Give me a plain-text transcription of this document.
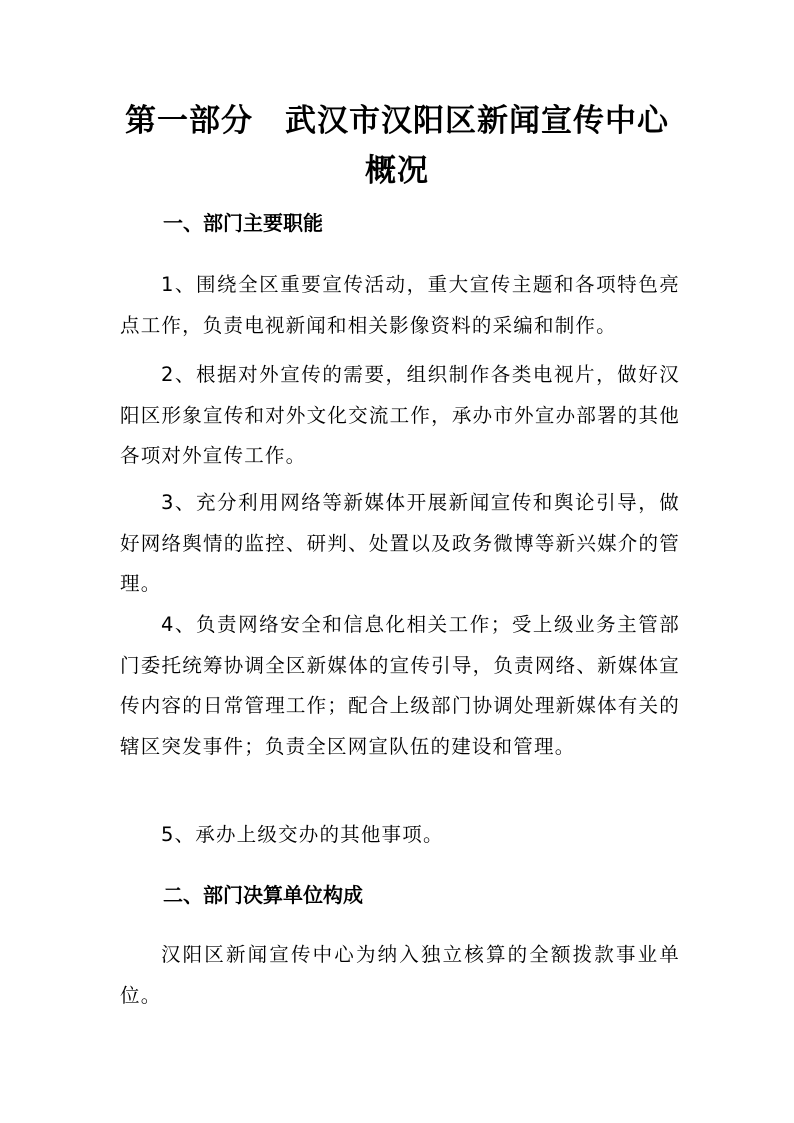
第一部分　武汉市汉阳区新闻宣传中心
概况
一、部门主要职能

1、围绕全区重要宣传活动，重大宣传主题和各项特色亮点工作，负责电视新闻和相关影像资料的采编和制作。

2、根据对外宣传的需要，组织制作各类电视片，做好汉阳区形象宣传和对外文化交流工作，承办市外宣办部署的其他各项对外宣传工作。

3、充分利用网络等新媒体开展新闻宣传和舆论引导，做好网络舆情的监控、研判、处置以及政务微博等新兴媒介的管理。

4、负责网络安全和信息化相关工作；受上级业务主管部门委托统筹协调全区新媒体的宣传引导，负责网络、新媒体宣传内容的日常管理工作；配合上级部门协调处理新媒体有关的辖区突发事件；负责全区网宣队伍的建设和管理。

5、承办上级交办的其他事项。

二、部门决算单位构成

汉阳区新闻宣传中心为纳入独立核算的全额拨款事业单位。
